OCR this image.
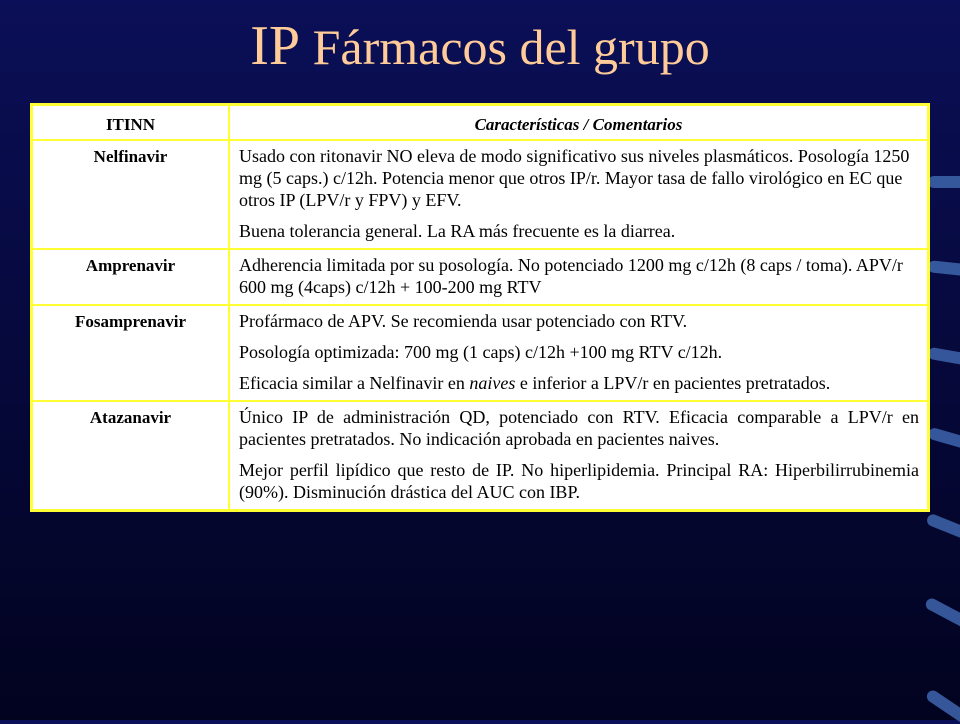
IP Fármacos del grupo
ITINN	Características / Comentarios
Nelfinavir	Usado con ritonavir NO eleva de modo significativo sus niveles plasmáticos. Posología 1250 mg (5 caps.) c/12h. Potencia menor que otros IP/r. Mayor tasa de fallo virológico en EC que otros IP (LPV/r y FPV) y EFV.

Buena tolerancia general. La RA más frecuente es la diarrea.

Amprenavir	Adherencia limitada por su posología. No potenciado 1200 mg c/12h (8 caps / toma). APV/r 600 mg (4caps) c/12h + 100-200 mg RTV

Fosamprenavir	Profármaco de APV. Se recomienda usar potenciado con RTV.

Posología optimizada: 700 mg (1 caps) c/12h +100 mg RTV c/12h.

Eficacia similar a Nelfinavir en naives e inferior a LPV/r en pacientes pretratados.

Atazanavir	Único IP de administración QD, potenciado con RTV. Eficacia comparable a LPV/r en pacientes pretratados. No indicación aprobada en pacientes naives.

Mejor perfil lipídico que resto de IP. No hiperlipidemia. Principal RA: Hiperbilirrubinemia (90%). Disminución drástica del AUC con IBP.
